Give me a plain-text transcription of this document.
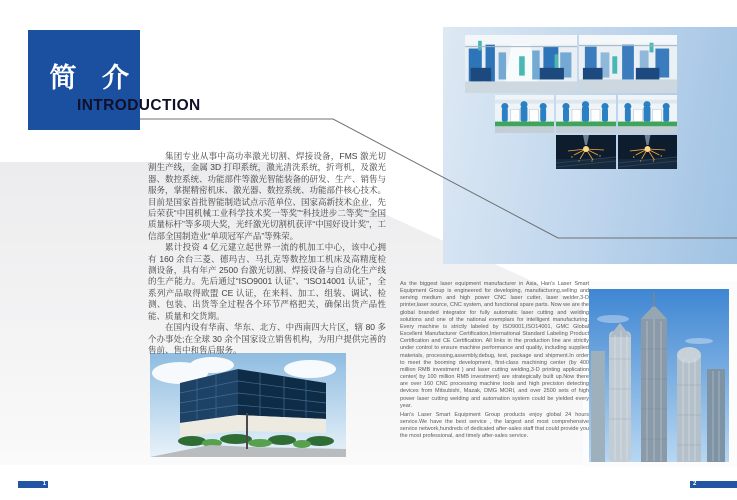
简 介
INTRODUCTION

集团专业从事中高功率激光切割、焊接设备，FMS 激光切割生产线，金属 3D 打印系统，激光清洗系统，折弯机，及激光器、数控系统、功能部件等激光智能装备的研发、生产、销售与服务，掌握精密机床、激光器、数控系统、功能部件核心技术。目前是国家首批智能制造试点示范单位、国家高新技术企业，先后荣获“中国机械工业科学技术奖一等奖”“科技进步二等奖”“全国质量标杆”等多项大奖，光纤激光切割机获评“中国好设计奖”，工信部全国制造业“单项冠军产品”等殊荣。

累计投资 4 亿元建立起世界一流的机加工中心，该中心拥有 160 余台三菱、德玛吉、马扎克等数控加工机床及高精度检测设备，具有年产 2500 台激光切割、焊接设备与自动化生产线的生产能力。先后通过“ISO9001 认证”、“ISO14001 认证”，全系列产品取得欧盟 CE 认证，在来料、加工、组装、调试、检测、包装、出货等全过程各个环节严格把关，确保出货产品性能、质量和交货期。

在国内设有华南、华东、北方、中西南四大片区，辖 80 多个办事处;在全球 30 余个国家设立销售机构，为用户提供完善的售前、售中和售后服务。

As the biggest laser equipment manufacturer in Asia, Han's Laser Smart Equipment Group is engineered for developing, manufacturing,selling and serving medium and high power CNC laser cutter, laser welder,3-D printer,laser source, CNC system, and functional spare parts. Now we are the global branded integrator for fully automatic laser cutting and welding solutions and one of the national exemplars for intelligent manufacturing. Every machine is strictly labeled by ISO9001,ISO14001, GMC Global Excellent Manufacturer Certification,International Standard Labeling Product Certification and CE Certification. All links in the production line are strictly under control to ensure machine performance and quality, including supplied materials, processing,assembly,debug, test, package and shipment.In order to meet the booming development, first-class machining center (by 400 million RMB investment ) and laser cutting welding,3-D printing application center( by 100 million RMB investment) are strategically built up.Now there are over 160 CNC processing machine tools and high precision detecting devices from Mitsubishi, Mazak, DMG MORI, and over 2500 sets of high power laser cutting welding and automation system could be yielded every year.

Han's Laser Smart Equipment Group products enjoy global 24 hours service.We have the best service , the largest and most comprehensive service network,hundreds of dedicated after-sales staff that could provide you the most professional, and timely after-sales service.

1	2
